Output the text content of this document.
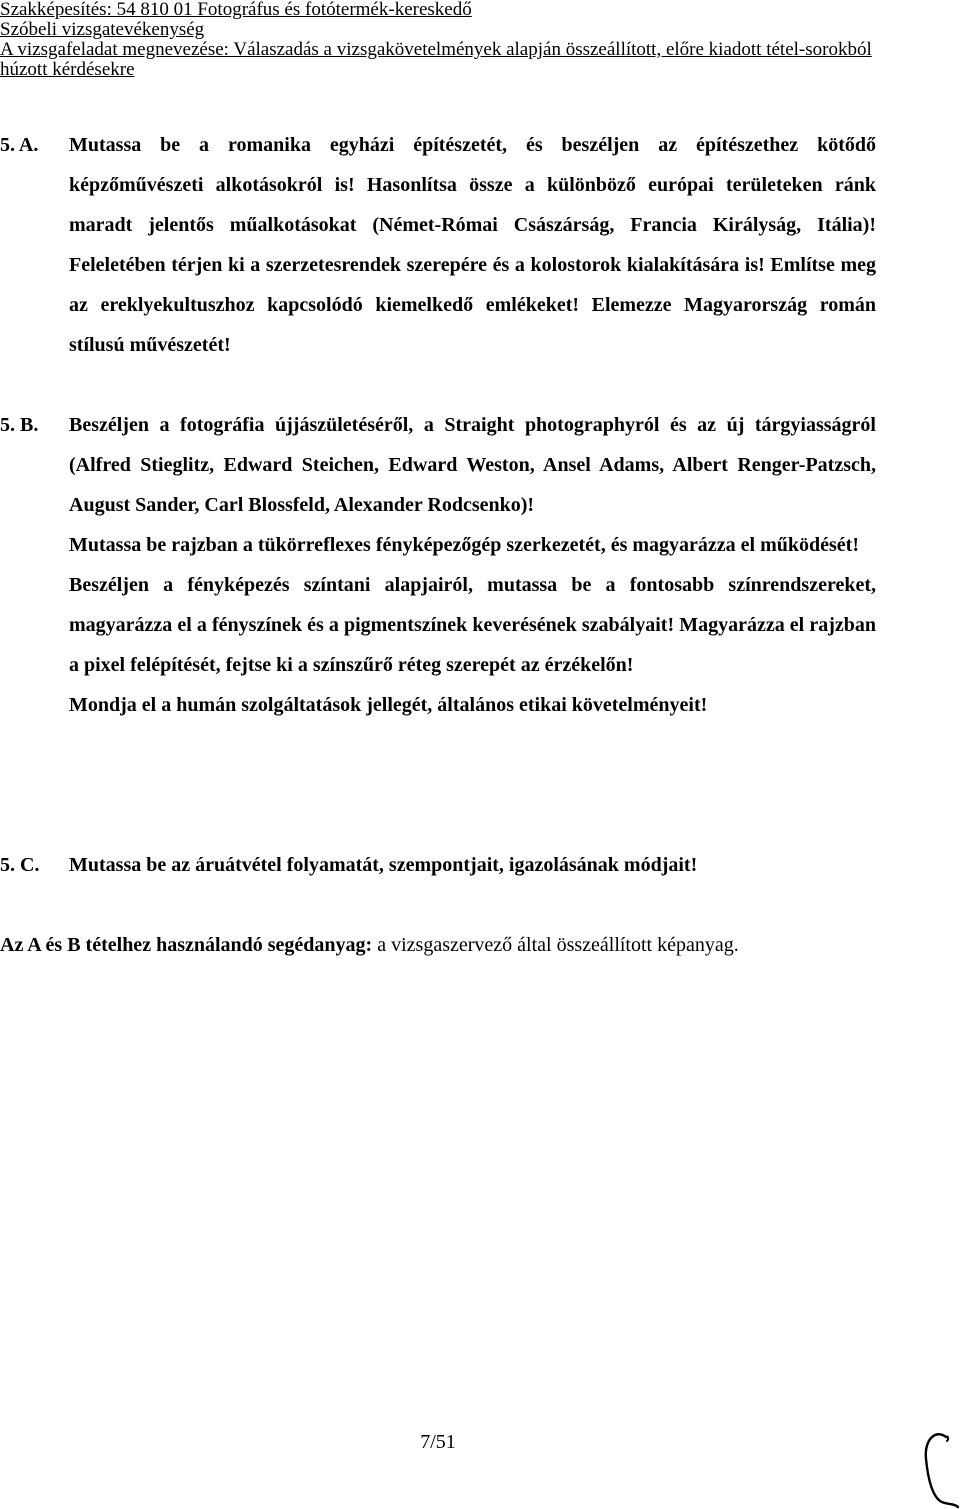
Szakképesítés: 54 810 01 Fotográfus és fotótermék-kereskedő
Szóbeli vizsgatevékenység
A vizsgafeladat megnevezése: Válaszadás a vizsgakövetelmények alapján összeállított, előre kiadott tétel-sorokból húzott kérdésekre
5. A. Mutassa be a romanika egyházi építészetét, és beszéljen az építészethez kötődő képzőművészeti alkotásokról is! Hasonlítsa össze a különböző európai területeken ránk maradt jelentős műalkotásokat (Német-Római Császárság, Francia Királyság, Itália)! Feleletében térjen ki a szerzetesrendek szerepére és a kolostorok kialakítására is! Említse meg az ereklyekultuszhoz kapcsolódó kiemelkedő emlékeket! Elemezze Magyarország román stílusú művészetét!

5. B. Beszéljen a fotográfia újjászületéséről, a Straight photographyról és az új tárgyiasságról (Alfred Stieglitz, Edward Steichen, Edward Weston, Ansel Adams, Albert Renger-Patzsch, August Sander, Carl Blossfeld, Alexander Rodcsenko)!

Mutassa be rajzban a tükörreflexes fényképezőgép szerkezetét, és magyarázza el működését!

Beszéljen a fényképezés színtani alapjairól, mutassa be a fontosabb színrendszereket, magyarázza el a fényszínek és a pigmentszínek keverésének szabályait! Magyarázza el rajzban a pixel felépítését, fejtse ki a színszűrő réteg szerepét az érzékelőn!

Mondja el a humán szolgáltatások jellegét, általános etikai követelményeit!

5. C. Mutassa be az áruátvétel folyamatát, szempontjait, igazolásának módjait!

Az A és B tételhez használandó segédanyag: a vizsgaszervező által összeállított képanyag.
7/51
